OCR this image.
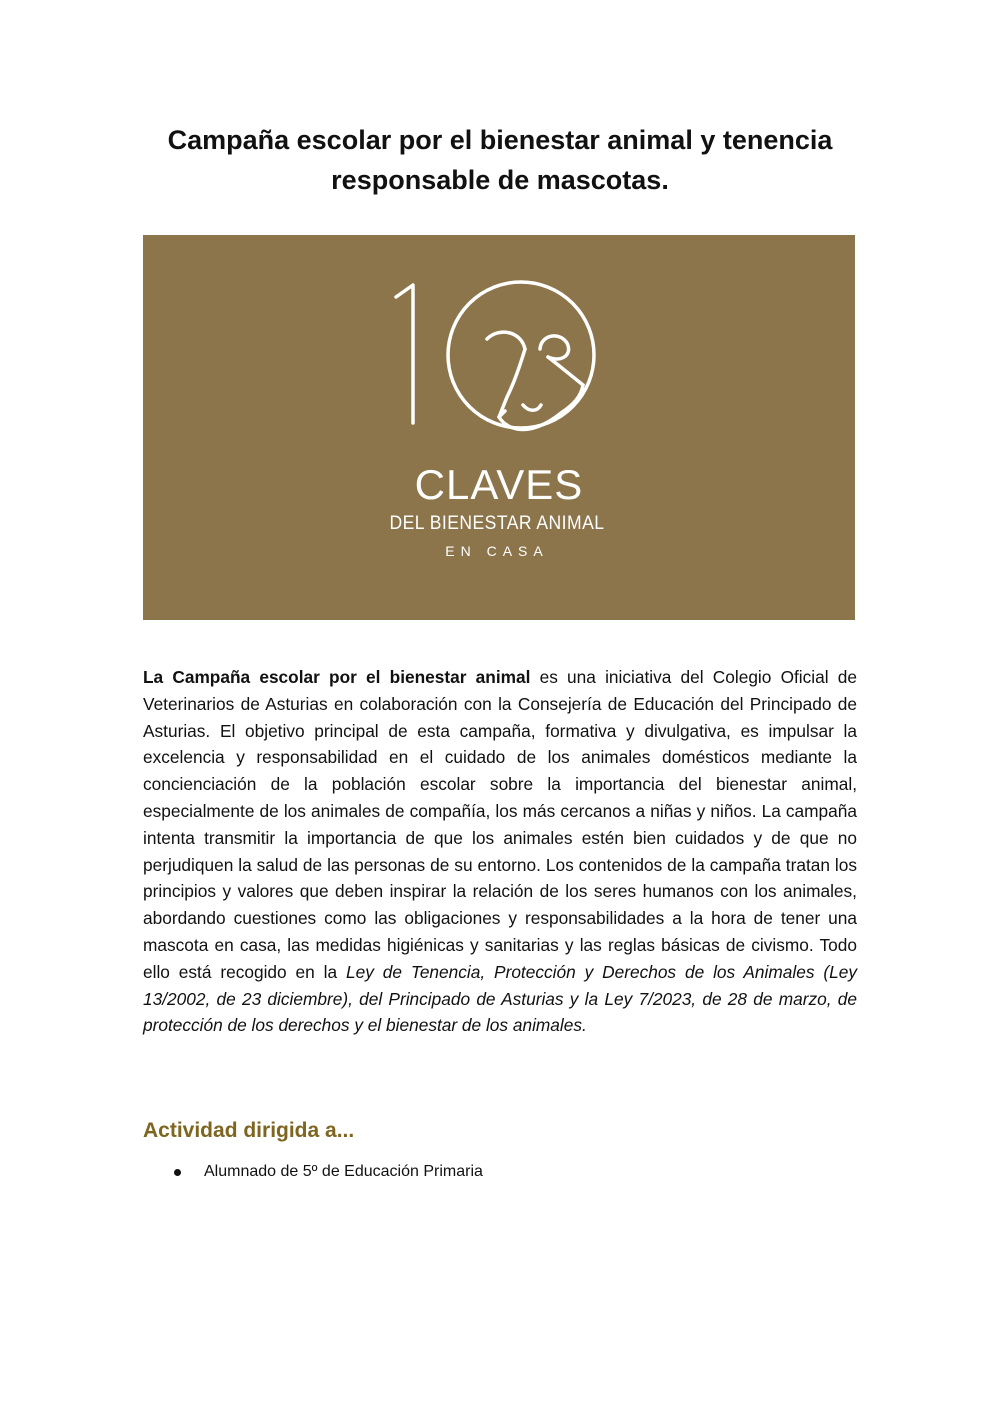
Campaña escolar por el bienestar animal y tenencia responsable de mascotas.
CLAVES
DEL BIENESTAR ANIMAL
EN CASA

La Campaña escolar por el bienestar animal es una iniciativa del Colegio Oficial de Veterinarios de Asturias en colaboración con la Consejería de Educación del Principado de Asturias. El objetivo principal de esta campaña, formativa y divulgativa, es impulsar la excelencia y responsabilidad en el cuidado de los animales domésticos mediante la concienciación de la población escolar sobre la importancia del bienestar animal, especialmente de los animales de compañía, los más cercanos a niñas y niños. La campaña intenta transmitir la importancia de que los animales estén bien cuidados y de que no perjudiquen la salud de las personas de su entorno. Los contenidos de la campaña tratan los principios y valores que deben inspirar la relación de los seres humanos con los animales, abordando cuestiones como las obligaciones y responsabilidades a la hora de tener una mascota en casa, las medidas higiénicas y sanitarias y las reglas básicas de civismo. Todo ello está recogido en la Ley de Tenencia, Protección y Derechos de los Animales (Ley 13/2002, de 23 diciembre), del Principado de Asturias y la Ley 7/2023, de 28 de marzo, de protección de los derechos y el bienestar de los animales.

Actividad dirigida a...
Alumnado de 5º de Educación Primaria
